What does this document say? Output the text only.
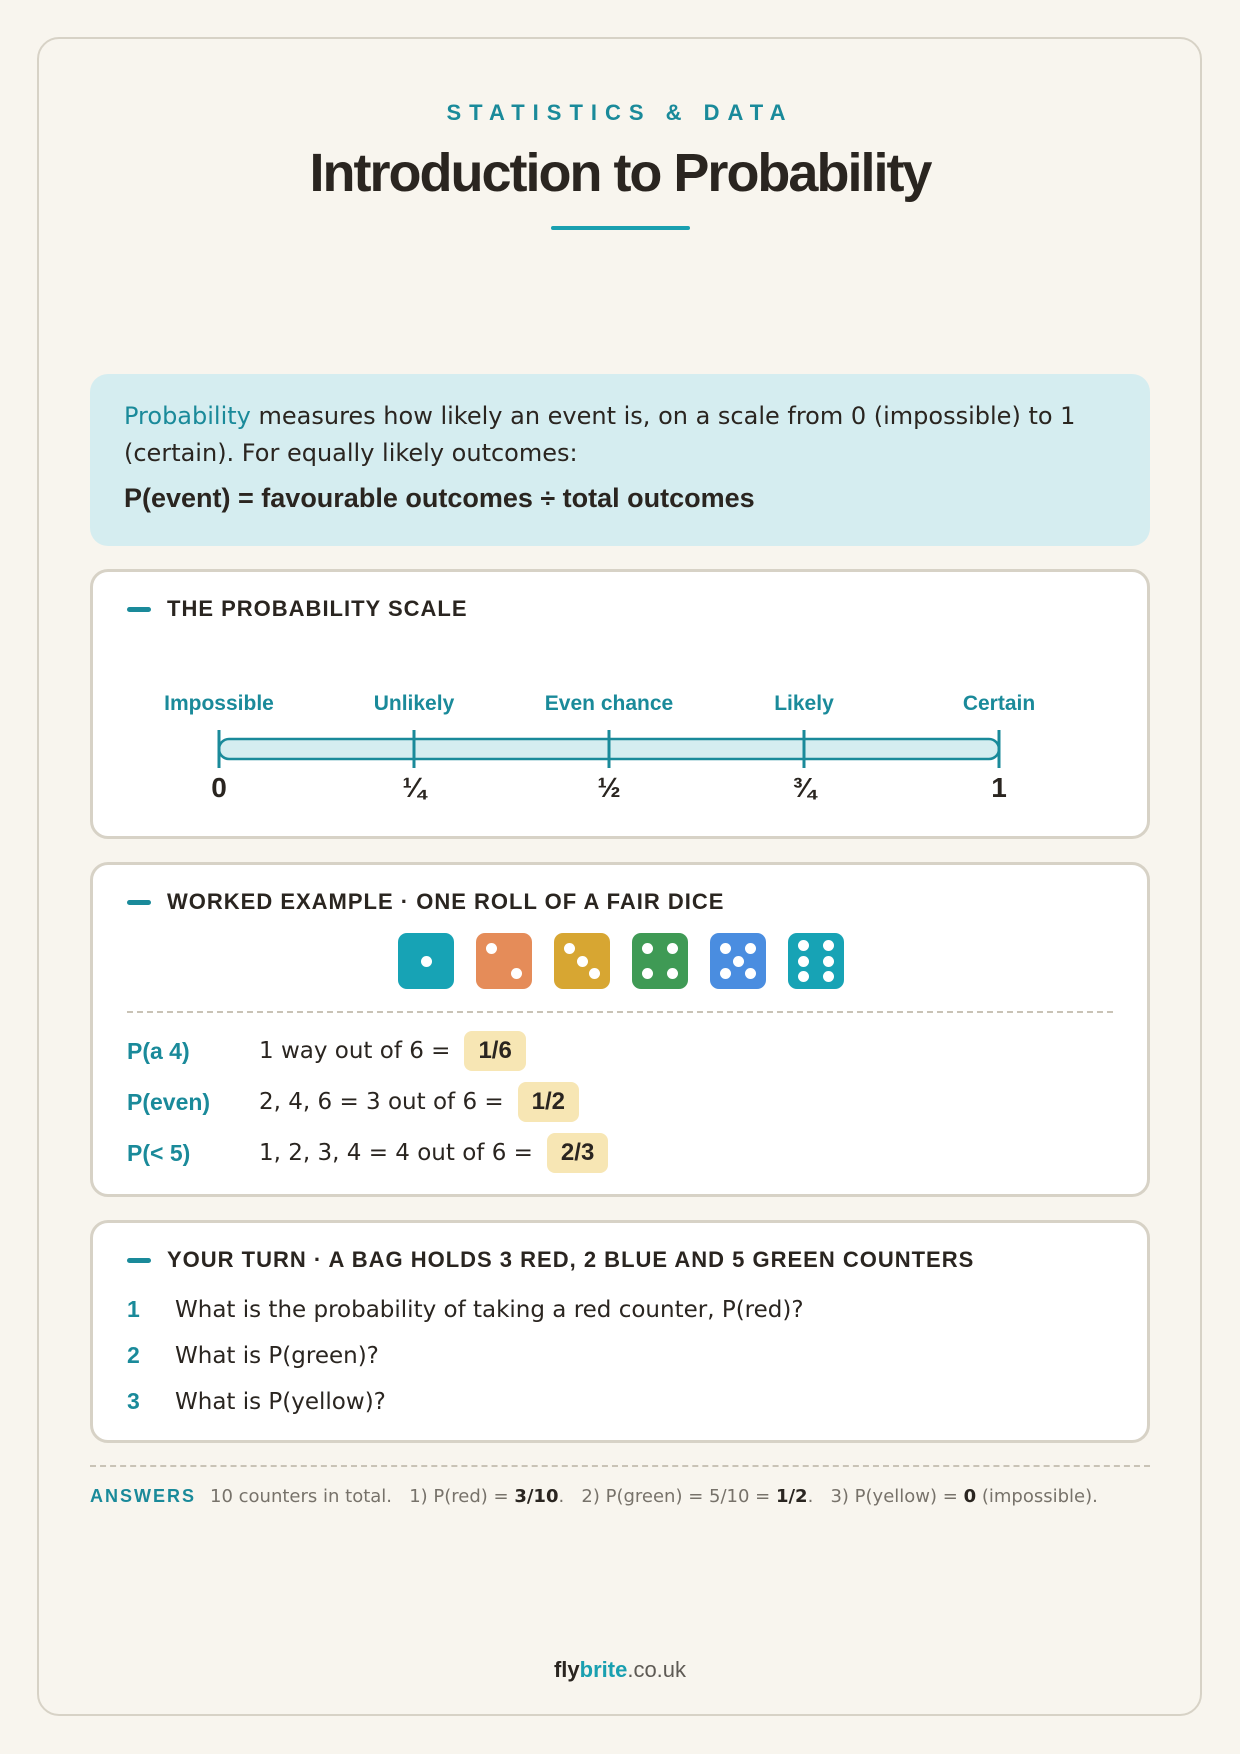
STATISTICS & DATA
Introduction to Probability
Probability measures how likely an event is, on a scale from 0 (impossible) to 1 (certain). For equally likely outcomes:
P(event) = favourable outcomes ÷ total outcomes
THE PROBABILITY SCALE
Impossible	Unlikely	Even chance	Likely	Certain
0	¼	½	¾	1
WORKED EXAMPLE · ONE ROLL OF A FAIR DICE
P(a 4)	1 way out of 6 =	1/6
P(even)	2, 4, 6 = 3 out of 6 =	1/2
P(< 5)	1, 2, 3, 4 = 4 out of 6 =	2/3
YOUR TURN · A BAG HOLDS 3 RED, 2 BLUE AND 5 GREEN COUNTERS
1	What is the probability of taking a red counter, P(red)?
2	What is P(green)?
3	What is P(yellow)?
ANSWERS 10 counters in total. 1) P(red) = 3/10. 2) P(green) = 5/10 = 1/2. 3) P(yellow) = 0 (impossible).
flybrite.co.uk
